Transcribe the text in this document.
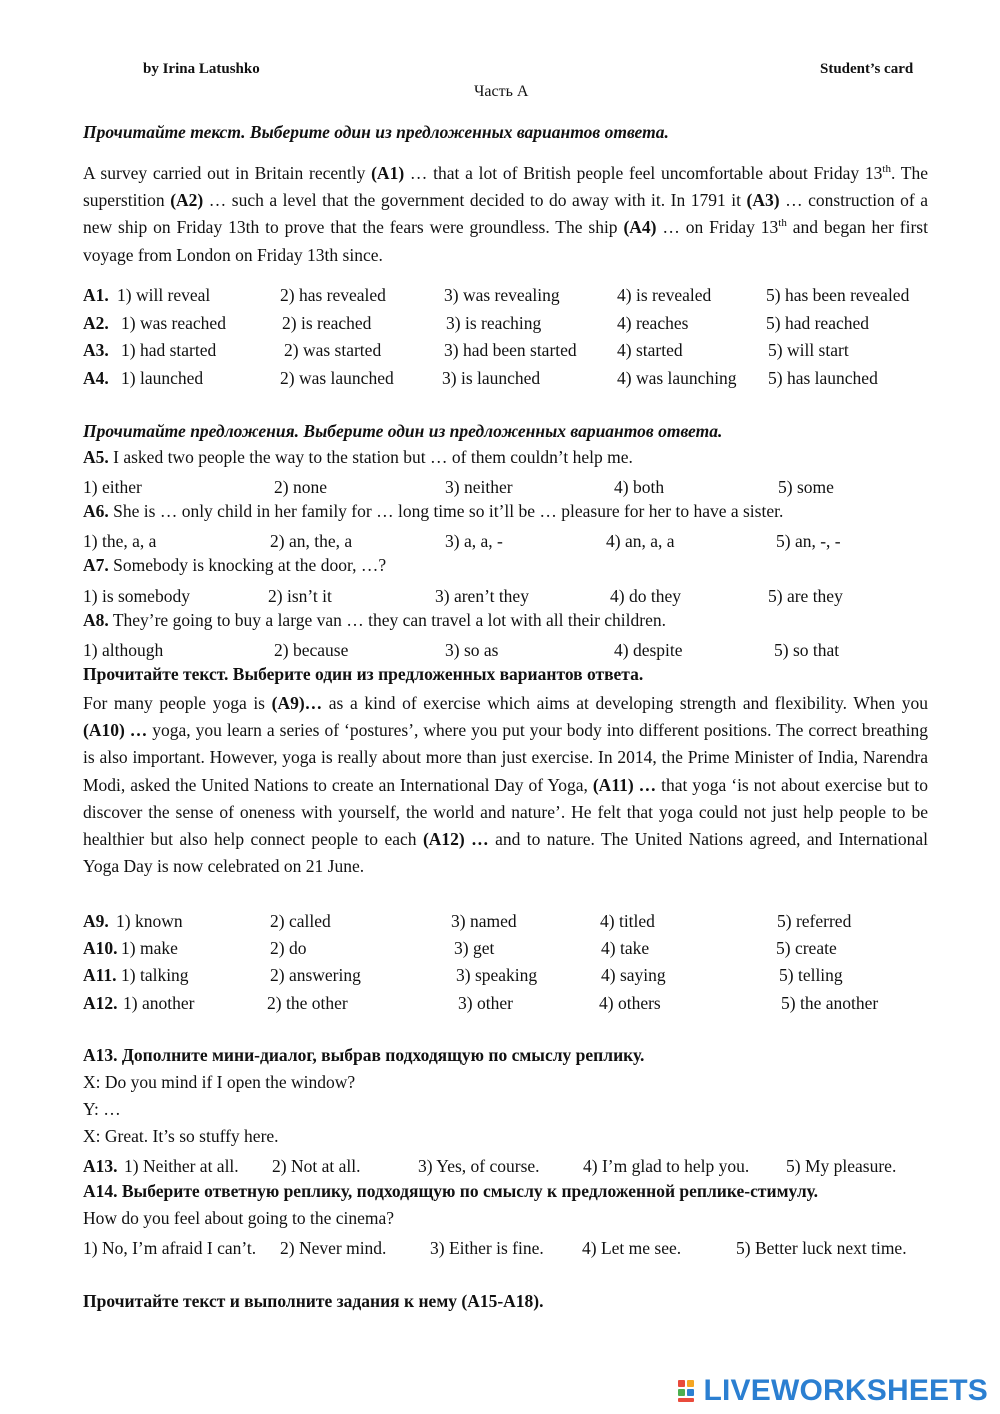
by Irina Latushko	Student’s card
Часть А
Прочитайте текст. Выберите один из предложенных вариантов ответа.
A survey carried out in Britain recently (A1) … that a lot of British people feel uncomfortable about Friday 13th. The superstition (A2) … such a level that the government decided to do away with it. In 1791 it (A3) … construction of a new ship on Friday 13th to prove that the fears were groundless. The ship (A4) … on Friday 13th and began her first voyage from London on Friday 13th since.
A1. 1) will reveal	2) has revealed	3) was revealing	4) is revealed	5) has been revealed
A2. 1) was reached	2) is reached	3) is reaching	4) reaches	5) had reached
A3. 1) had started	2) was started	3) had been started 4) started	5) will start
A4. 1) launched	2) was launched	3) is launched	4) was launching 5) has launched
Прочитайте предложения. Выберите один из предложенных вариантов ответа.
A5. I asked two people the way to the station but … of them couldn’t help me.
1) either	2) none	3) neither	4) both	5) some
A6. She is … only child in her family for … long time so it’ll be … pleasure for her to have a sister.
1) the, a, a	2) an, the, a	3) a, a, -	4) an, a, a	5) an, -, -
A7. Somebody is knocking at the door, …?
1) is somebody	2) isn’t it	3) aren’t they	4) do they	5) are they
A8. They’re going to buy a large van … they can travel a lot with all their children.
1) although	2) because	3) so as	4) despite	5) so that
Прочитайте текст. Выберите один из предложенных вариантов ответа.
For many people yoga is (A9)… as a kind of exercise which aims at developing strength and flexibility. When you (A10) … yoga, you learn a series of ‘postures’, where you put your body into different positions. The correct breathing is also important. However, yoga is really about more than just exercise. In 2014, the Prime Minister of India, Narendra Modi, asked the United Nations to create an International Day of Yoga, (A11) … that yoga ‘is not about exercise but to discover the sense of oneness with yourself, the world and nature’. He felt that yoga could not just help people to be healthier but also help connect people to each (A12) … and to nature. The United Nations agreed, and International Yoga Day is now celebrated on 21 June.
A9. 1) known	2) called	3) named	4) titled	5) referred
A10. 1) make	2) do	3) get	4) take	5) create
A11. 1) talking	2) answering	3) speaking	4) saying	5) telling
A12. 1) another	2) the other	3) other	4) others	5) the another
A13. Дополните мини-диалог, выбрав подходящую по смыслу реплику.
X: Do you mind if I open the window?
Y: …
X: Great. It’s so stuffy here.
A13. 1) Neither at all. 2) Not at all.	3) Yes, of course. 4) I’m glad to help you. 5) My pleasure.
A14. Выберите ответную реплику, подходящую по смыслу к предложенной реплике-стимулу.
How do you feel about going to the cinema?
1) No, I’m afraid I can’t. 2) Never mind. 3) Either is fine. 4) Let me see.	5) Better luck next time.
Прочитайте текст и выполните задания к нему (A15-A18).
LIVEWORKSHEETS
